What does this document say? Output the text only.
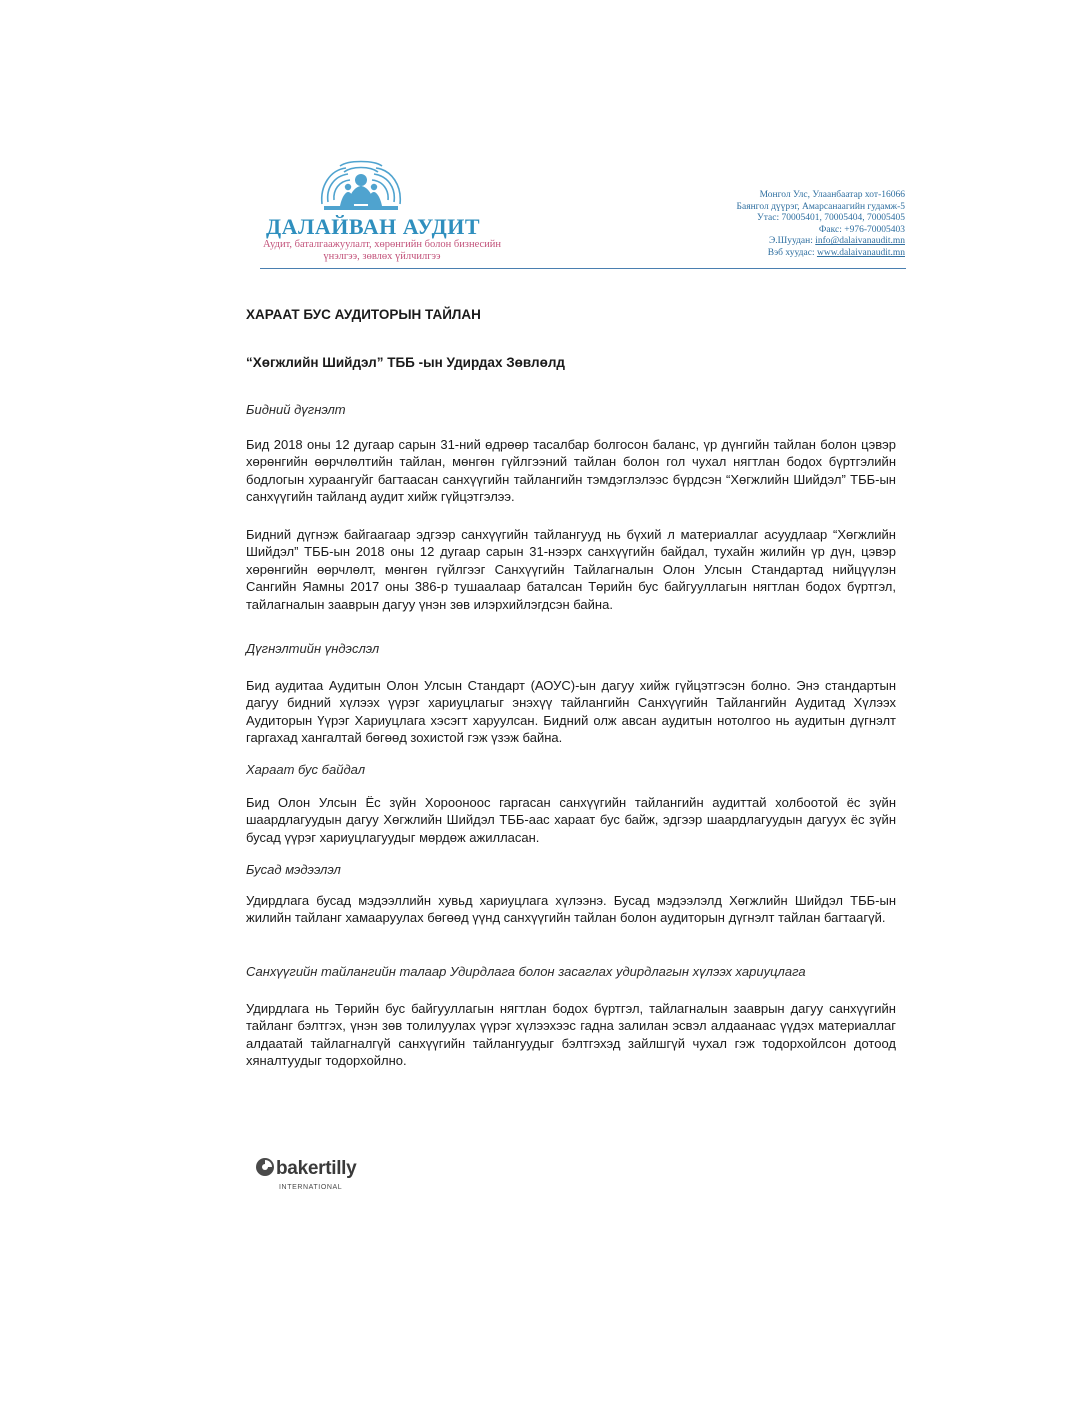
ДАЛАЙВАН АУДИТ
Аудит, баталгаажуулалт, хөрөнгийн болон бизнесийн үнэлгээ, зөвлөх үйлчилгээ
Монгол Улс, Улаанбаатар хот-16066
Баянгол дүүрэг, Амарсанаагийн гудамж-5
Утас: 70005401, 70005404, 70005405
Факс: +976-70005403
Э.Шуудан: info@dalaivanaudit.mn
Вэб хуудас: www.dalaivanaudit.mn
ХАРААТ БУС АУДИТОРЫН ТАЙЛАН
“Хөгжлийн Шийдэл” ТББ -ын Удирдах Зөвлөлд
Бидний дүгнэлт
Бид 2018 оны 12 дугаар сарын 31-ний өдрөөр тасалбар болгосон баланс, үр дүнгийн тайлан болон цэвэр хөрөнгийн өөрчлөлтийн тайлан, мөнгөн гүйлгээний тайлан болон гол чухал нягтлан бодох бүртгэлийн бодлогын хураангуйг багтаасан санхүүгийн тайлангийн тэмдэглэлээс бүрдсэн “Хөгжлийн Шийдэл” ТББ-ын санхүүгийн тайланд аудит хийж гүйцэтгэлээ.
Бидний дүгнэж байгаагаар эдгээр санхүүгийн тайлангууд нь бүхий л материаллаг асуудлаар “Хөгжлийн Шийдэл” ТББ-ын 2018 оны 12 дугаар сарын 31-нээрх санхүүгийн байдал, тухайн жилийн үр дүн, цэвэр хөрөнгийн өөрчлөлт, мөнгөн гүйлгээг Санхүүгийн Тайлагналын Олон Улсын Стандартад нийцүүлэн Сангийн Яамны 2017 оны 386-р тушаалаар баталсан Төрийн бус байгууллагын нягтлан бодох бүртгэл, тайлагналын зааврын дагуу үнэн зөв илэрхийлэгдсэн байна.
Дүгнэлтийн үндэслэл
Бид аудитаа Аудитын Олон Улсын Стандарт (АОУС)-ын дагуу хийж гүйцэтгэсэн болно. Энэ стандартын дагуу бидний хүлээх үүрэг хариуцлагыг энэхүү тайлангийн Санхүүгийн Тайлангийн Аудитад Хүлээх Аудиторын Үүрэг Хариуцлага хэсэгт харуулсан. Бидний олж авсан аудитын нотолгоо нь аудитын дүгнэлт гаргахад хангалтай бөгөөд зохистой гэж үзэж байна.
Хараат бус байдал
Бид Олон Улсын Ёс зүйн Хорооноос гаргасан санхүүгийн тайлангийн аудиттай холбоотой ёс зүйн шаардлагуудын дагуу Хөгжлийн Шийдэл ТББ-аас хараат бус байж, эдгээр шаардлагуудын дагуух ёс зүйн бусад үүрэг хариуцлагуудыг мөрдөж ажилласан.
Бусад мэдээлэл
Удирдлага бусад мэдээллийн хувьд хариуцлага хүлээнэ. Бусад мэдээлэлд Хөгжлийн Шийдэл ТББ-ын жилийн тайланг хамааруулах бөгөөд үүнд санхүүгийн тайлан болон аудиторын дүгнэлт тайлан багтаагүй.
Санхүүгийн тайлангийн талаар Удирдлага болон засаглах удирдлагын хүлээх хариуцлага
Удирдлага нь Төрийн бус байгууллагын нягтлан бодох бүртгэл, тайлагналын зааврын дагуу санхүүгийн тайланг бэлтгэх, үнэн зөв толилуулах үүрэг хүлээхээс гадна залилан эсвэл алдаанаас үүдэх материаллаг алдаатай тайлагналгүй санхүүгийн тайлангуудыг бэлтгэхэд зайлшгүй чухал гэж тодорхойлсон дотоод хяналтуудыг тодорхойлно.
bakertilly
INTERNATIONAL
